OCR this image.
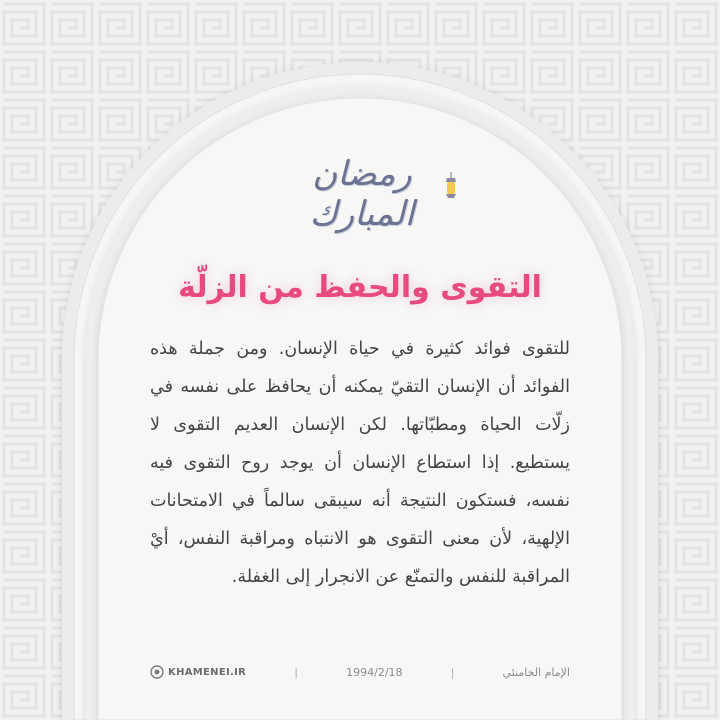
رمضان المبارك
التقوى والحفظ من الزلّة
للتقوى فوائد كثيرة في حياة الإنسان. ومن جملة هذه الفوائد أن الإنسان التقيّ يمكنه أن يحافظ على نفسه في زلّات الحياة ومطبّاتها. لكن الإنسان العديم التقوى لا يستطيع. إذا استطاع الإنسان أن يوجد روح التقوى فيه نفسه، فستكون النتيجة أنه سيبقى سالماً في الامتحانات الإلهية، لأن معنى التقوى هو الانتباه ومراقبة النفس، أيْ المراقبة للنفس والتمنّع عن الانجرار إلى الغفلة.
الإمام الخامنئي
|
1994/2/18
|
KHAMENEI.IR
